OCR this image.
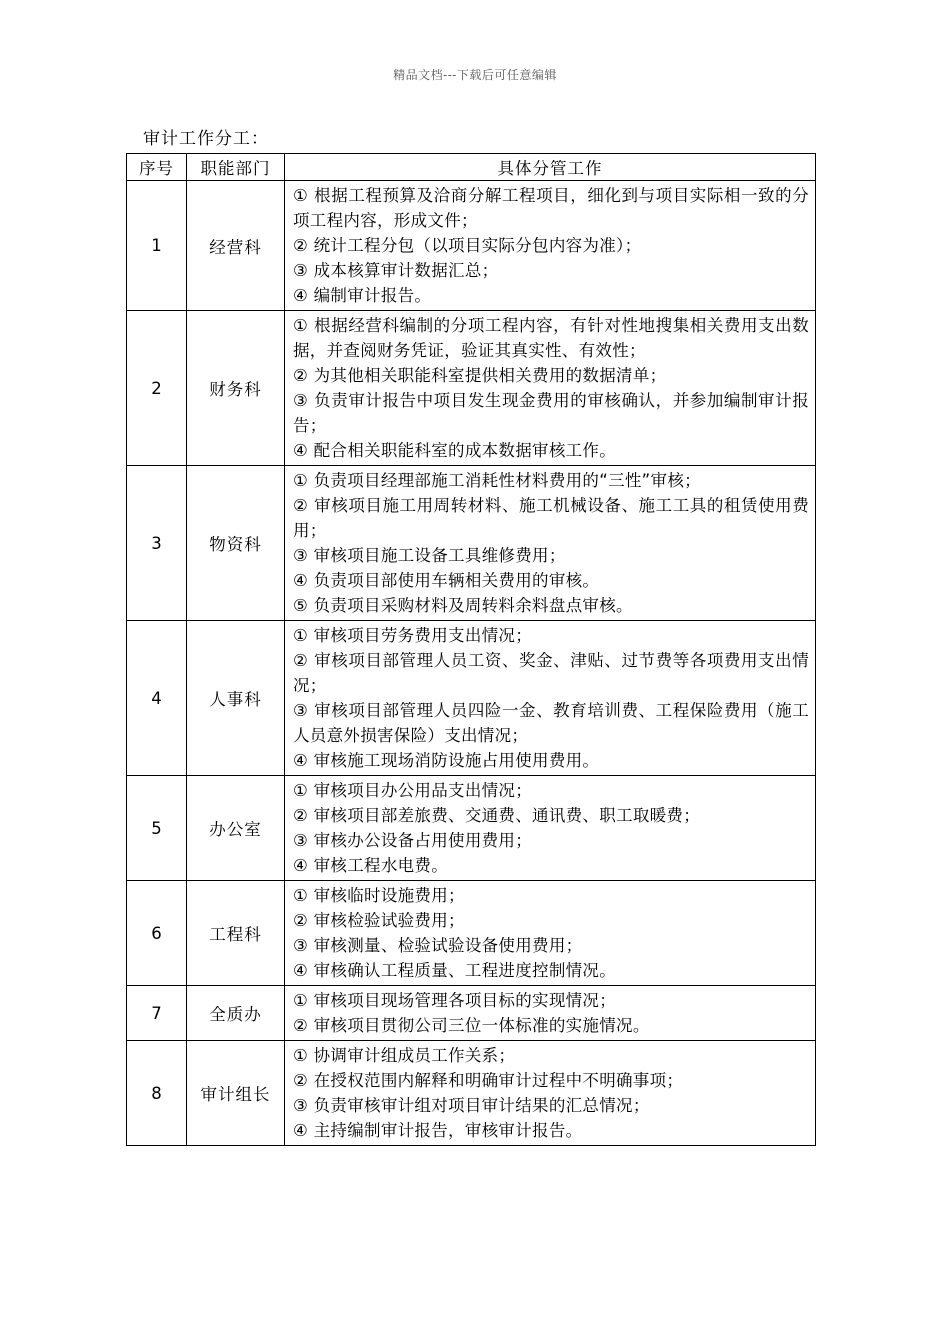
精品文档---下载后可任意编辑
审计工作分工：
序号	职能部门	具体分管工作
1	经营科	① 根据工程预算及洽商分解工程项目，细化到与项目实际相一致的分项工程内容，形成文件；
② 统计工程分包（以项目实际分包内容为准）；
③ 成本核算审计数据汇总；
④ 编制审计报告。

2	财务科	① 根据经营科编制的分项工程内容，有针对性地搜集相关费用支出数据，并查阅财务凭证，验证其真实性、有效性；
② 为其他相关职能科室提供相关费用的数据清单；
③ 负责审计报告中项目发生现金费用的审核确认，并参加编制审计报告；
④ 配合相关职能科室的成本数据审核工作。

3	物资科	① 负责项目经理部施工消耗性材料费用的“三性”审核；
② 审核项目施工用周转材料、施工机械设备、施工工具的租赁使用费用；
③ 审核项目施工设备工具维修费用；
④ 负责项目部使用车辆相关费用的审核。
⑤ 负责项目采购材料及周转料余料盘点审核。

4	人事科	① 审核项目劳务费用支出情况；
② 审核项目部管理人员工资、奖金、津贴、过节费等各项费用支出情况；
③ 审核项目部管理人员四险一金、教育培训费、工程保险费用（施工人员意外损害保险）支出情况；
④ 审核施工现场消防设施占用使用费用。

5	办公室	① 审核项目办公用品支出情况；
② 审核项目部差旅费、交通费、通讯费、职工取暖费；
③ 审核办公设备占用使用费用；
④ 审核工程水电费。

6	工程科	① 审核临时设施费用；
② 审核检验试验费用；
③ 审核测量、检验试验设备使用费用；
④ 审核确认工程质量、工程进度控制情况。

7	全质办	① 审核项目现场管理各项目标的实现情况；
② 审核项目贯彻公司三位一体标准的实施情况。

8	审计组长	① 协调审计组成员工作关系；
② 在授权范围内解释和明确审计过程中不明确事项；
③ 负责审核审计组对项目审计结果的汇总情况；
④ 主持编制审计报告，审核审计报告。
